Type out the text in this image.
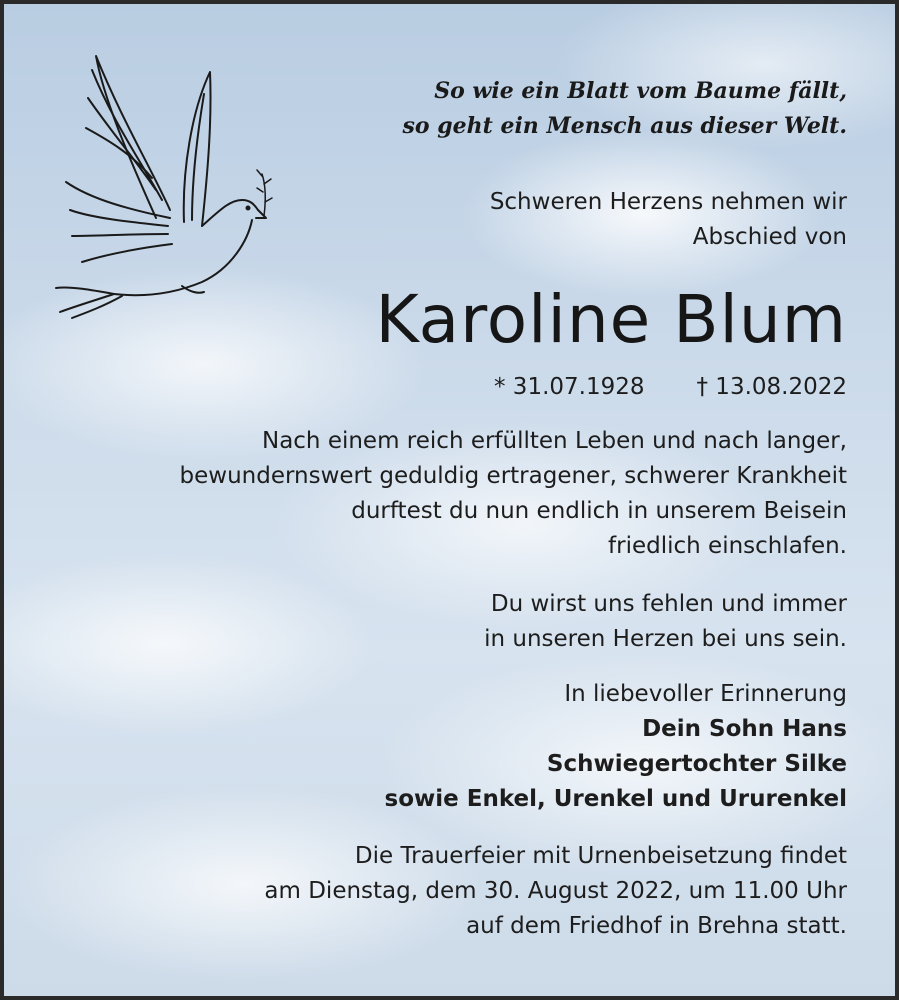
So wie ein Blatt vom Baume fällt,
so geht ein Mensch aus dieser Welt.
Schweren Herzens nehmen wir
Abschied von
Karoline Blum
* 31.07.1928 † 13.08.2022
Nach einem reich erfüllten Leben und nach langer,
bewundernswert geduldig ertragener, schwerer Krankheit
durftest du nun endlich in unserem Beisein
friedlich einschlafen.
Du wirst uns fehlen und immer
in unseren Herzen bei uns sein.
In liebevoller Erinnerung
Dein Sohn Hans
Schwiegertochter Silke
sowie Enkel, Urenkel und Ururenkel
Die Trauerfeier mit Urnenbeisetzung findet
am Dienstag, dem 30. August 2022, um 11.00 Uhr
auf dem Friedhof in Brehna statt.
